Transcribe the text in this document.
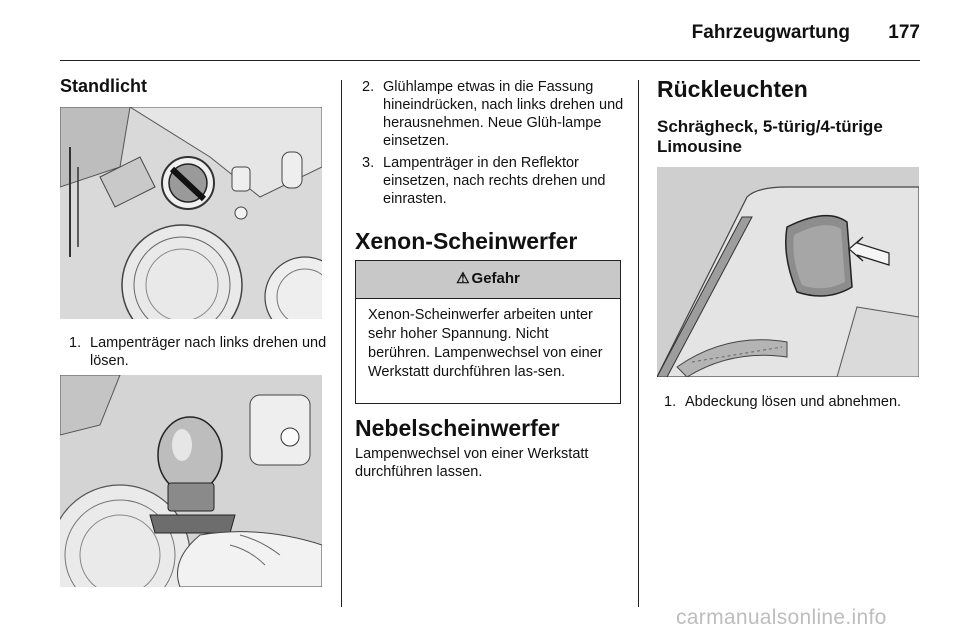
Fahrzeugwartung	177
Standlicht
1. Lampenträger nach links drehen und lösen.
2. Glühlampe etwas in die Fassung hineindrücken, nach links drehen und herausnehmen. Neue Glüh-lampe einsetzen.
3. Lampenträger in den Reflektor einsetzen, nach rechts drehen und einrasten.
Xenon-Scheinwerfer
⚠ Gefahr
Xenon-Scheinwerfer arbeiten unter sehr hoher Spannung. Nicht berühren. Lampenwechsel von einer Werkstatt durchführen las-sen.
Nebelscheinwerfer
Lampenwechsel von einer Werkstatt durchführen lassen.
Rückleuchten
Schrägheck, 5-türig/4-türige Limousine
1. Abdeckung lösen und abnehmen.
carmanualsonline.info
